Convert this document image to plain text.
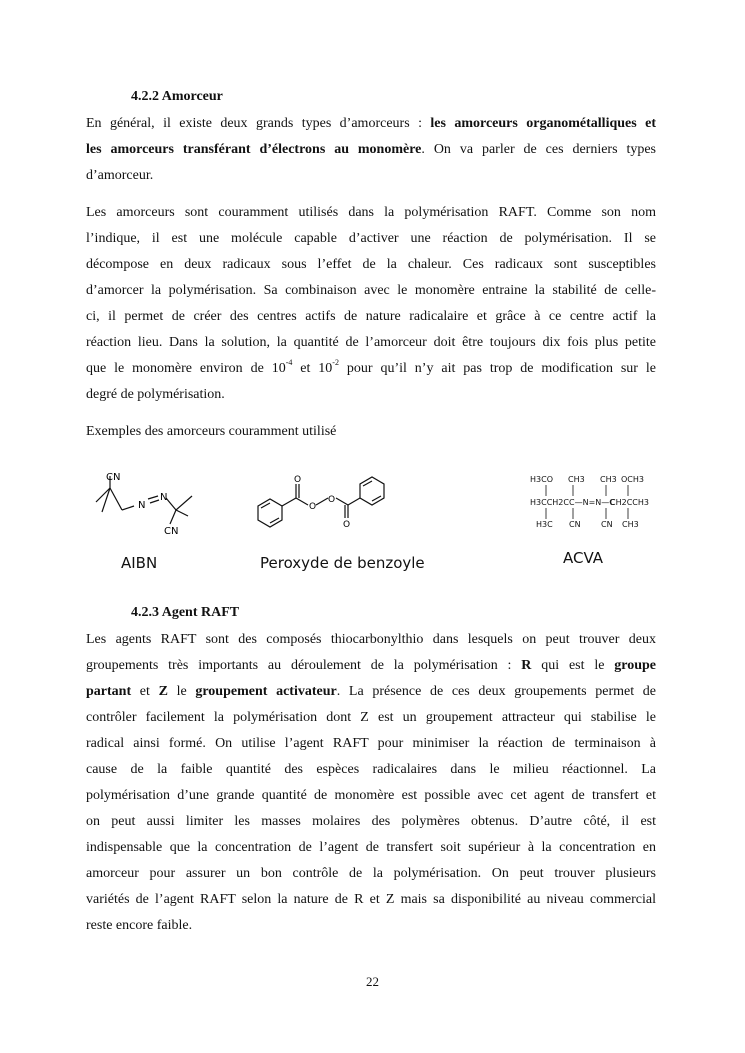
4.2.2 Amorceur

En général, il existe deux grands types d’amorceurs : les amorceurs organométalliques et
les amorceurs transférant d’électrons au monomère. On va parler de ces derniers types
d’amorceur.
Les amorceurs sont couramment utilisés dans la polymérisation RAFT. Comme son nom
l’indique, il est une molécule capable d’activer une réaction de polymérisation. Il se
décompose en deux radicaux sous l’effet de la chaleur. Ces radicaux sont susceptibles
d’amorcer la polymérisation. Sa combinaison avec le monomère entraine la stabilité de celle-
ci, il permet de créer des centres actifs de nature radicalaire et grâce à ce centre actif la
réaction lieu. Dans la solution, la quantité de l’amorceur doit être toujours dix fois plus petite
que le monomère environ de $10^{-4}$ et $10^{-2}$ pour qu’il n’y ait pas trop de modification sur le
degré de polymérisation.
Exemples des amorceurs couramment utilisé
CN
N
N
CN

AIBN

O
O
O
O

Peroxyde de benzoyle

H3CO CH3 CH3 OCH3
H3CCH2C C—N=N—C
CH2CCH3
H3C CN	CN CH3

ACVA

4.2.3 Agent RAFT

Les agents RAFT sont des composés thiocarbonylthio dans lesquels on peut trouver deux
groupements très importants au déroulement de la polymérisation : R qui est le groupe
partant et Z le groupement activateur. La présence de ces deux groupements permet de
contrôler facilement la polymérisation dont Z est un groupement attracteur qui stabilise le
radical ainsi formé. On utilise l’agent RAFT pour minimiser la réaction de terminaison à
cause de la faible quantité des espèces radicalaires dans le milieu réactionnel. La
polymérisation d’une grande quantité de monomère est possible avec cet agent de transfert et
on peut aussi limiter les masses molaires des polymères obtenus. D’autre côté, il est
indispensable que la concentration de l’agent de transfert soit supérieur à la concentration en
amorceur pour assurer un bon contrôle de la polymérisation. On peut trouver plusieurs
variétés de l’agent RAFT selon la nature de R et Z mais sa disponibilité au niveau commercial
reste encore faible.
22
